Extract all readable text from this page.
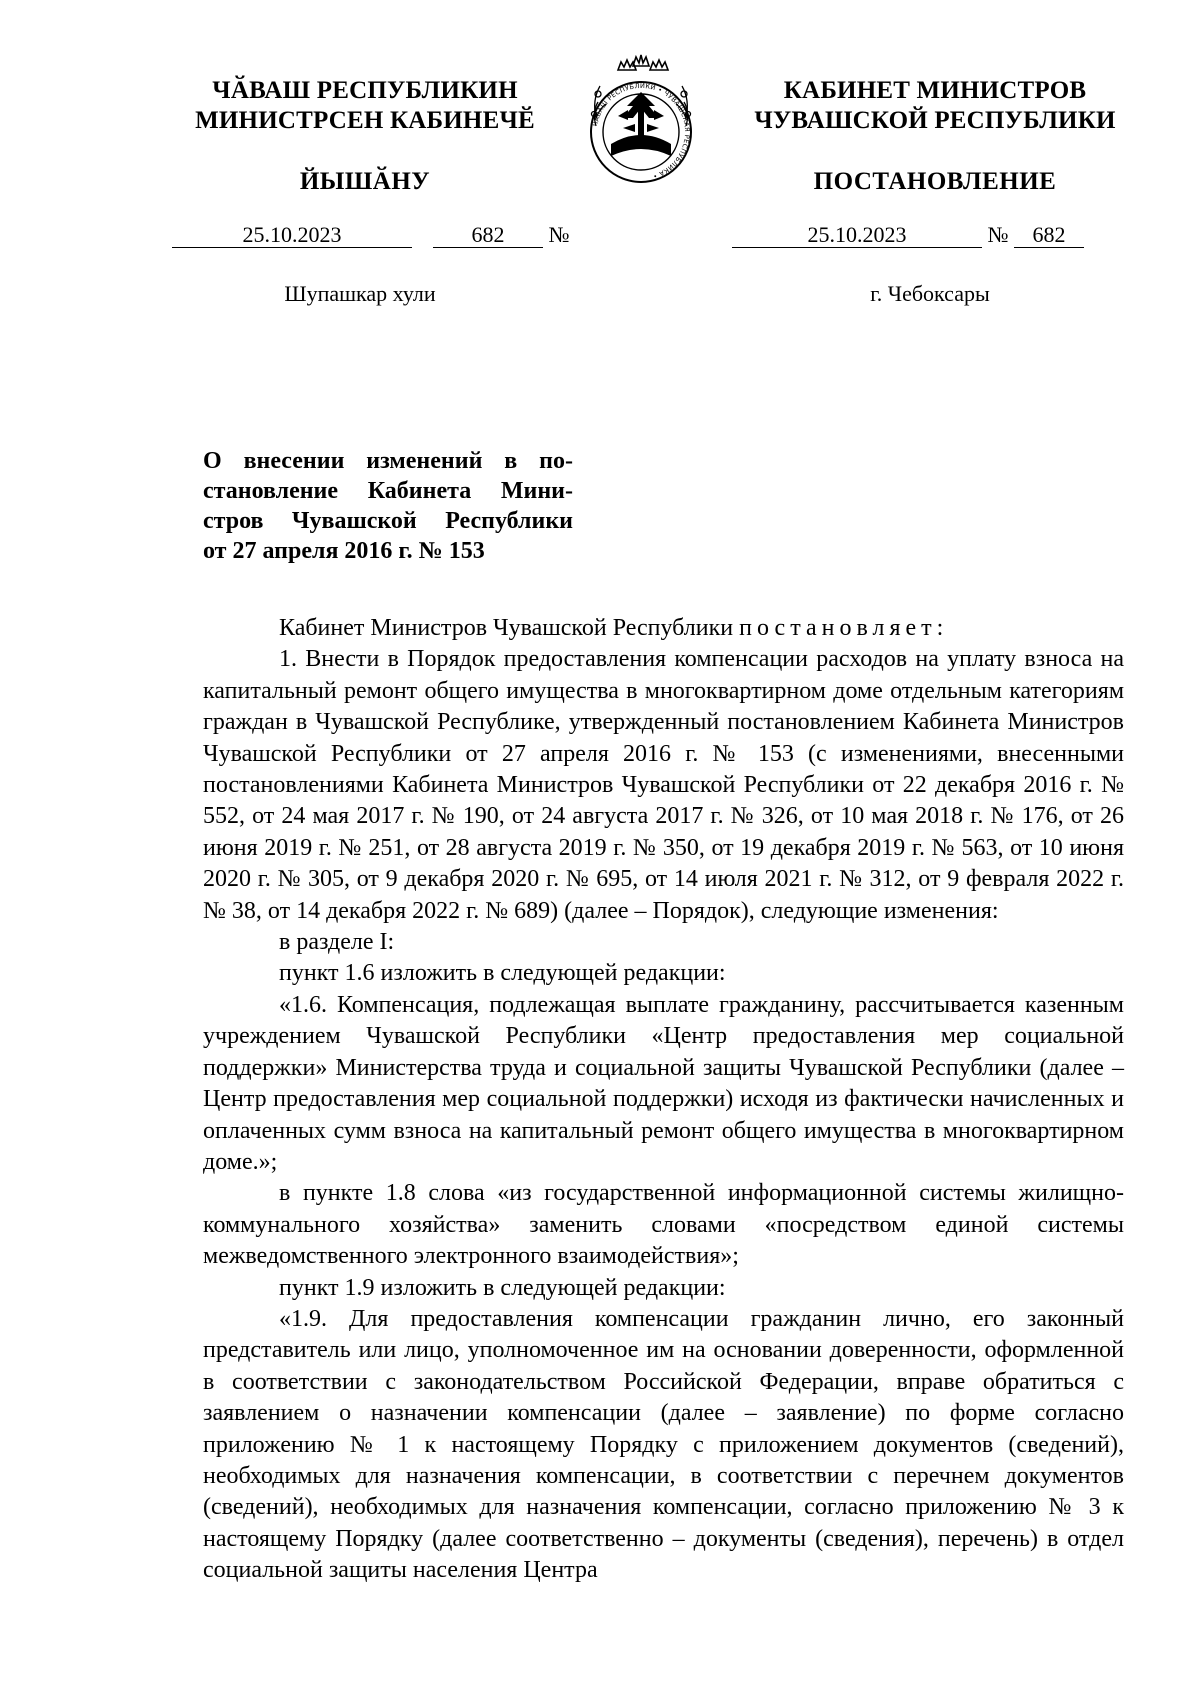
ЧӐВАШ РЕСПУБЛИКИН
МИНИСТРСЕН КАБИНЕЧӖ
ЙЫШӐНУ
ЧӐВАШ РЕСПУБЛИКИ • ЧУВАШСКАЯ РЕСПУБЛИКА •
КАБИНЕТ МИНИСТРОВ
ЧУВАШСКОЙ РЕСПУБЛИКИ
ПОСТАНОВЛЕНИЕ
25.10.2023	682 №	25.10.2023	№ 682
Шупашкар хули	г. Чебоксары
О внесении изменений в по-
становление Кабинета Мини-
стров Чувашской Республики
от 27 апреля 2016 г. № 153

Кабинет Министров Чувашской Республики постановляет:

1. Внести в Порядок предоставления компенсации расходов на уплату взноса на капитальный ремонт общего имущества в многоквартирном доме отдельным категориям граждан в Чувашской Республике, утвержденный постановлением Кабинета Министров Чувашской Республики от 27 апреля 2016 г. № 153 (с изменениями, внесенными постановлениями Кабинета Министров Чувашской Республики от 22 декабря 2016 г. № 552, от 24 мая 2017 г. № 190, от 24 августа 2017 г. № 326, от 10 мая 2018 г. № 176, от 26 июня 2019 г. № 251, от 28 августа 2019 г. № 350, от 19 декабря 2019 г. № 563, от 10 июня 2020 г. № 305, от 9 декабря 2020 г. № 695, от 14 июля 2021 г. № 312, от 9 февраля 2022 г. № 38, от 14 декабря 2022 г. № 689) (далее – Порядок), следующие изменения:

в разделе I:

пункт 1.6 изложить в следующей редакции:

«1.6. Компенсация, подлежащая выплате гражданину, рассчитывается казенным учреждением Чувашской Республики «Центр предоставления мер социальной поддержки» Министерства труда и социальной защиты Чувашской Республики (далее – Центр предоставления мер социальной поддержки) исходя из фактически начисленных и оплаченных сумм взноса на капитальный ремонт общего имущества в многоквартирном доме.»;

в пункте 1.8 слова «из государственной информационной системы жилищно-коммунального хозяйства» заменить словами «посредством единой системы межведомственного электронного взаимодействия»;

пункт 1.9 изложить в следующей редакции:

«1.9. Для предоставления компенсации гражданин лично, его законный представитель или лицо, уполномоченное им на основании доверенности, оформленной в соответствии с законодательством Российской Федерации, вправе обратиться с заявлением о назначении компенсации (далее – заявление) по форме согласно приложению № 1 к настоящему Порядку с приложением документов (сведений), необходимых для назначения компенсации, в соответствии с перечнем документов (сведений), необходимых для назначения компенсации, согласно приложению № 3 к настоящему Порядку (далее соответственно – документы (сведения), перечень) в отдел социальной защиты населения Центра
